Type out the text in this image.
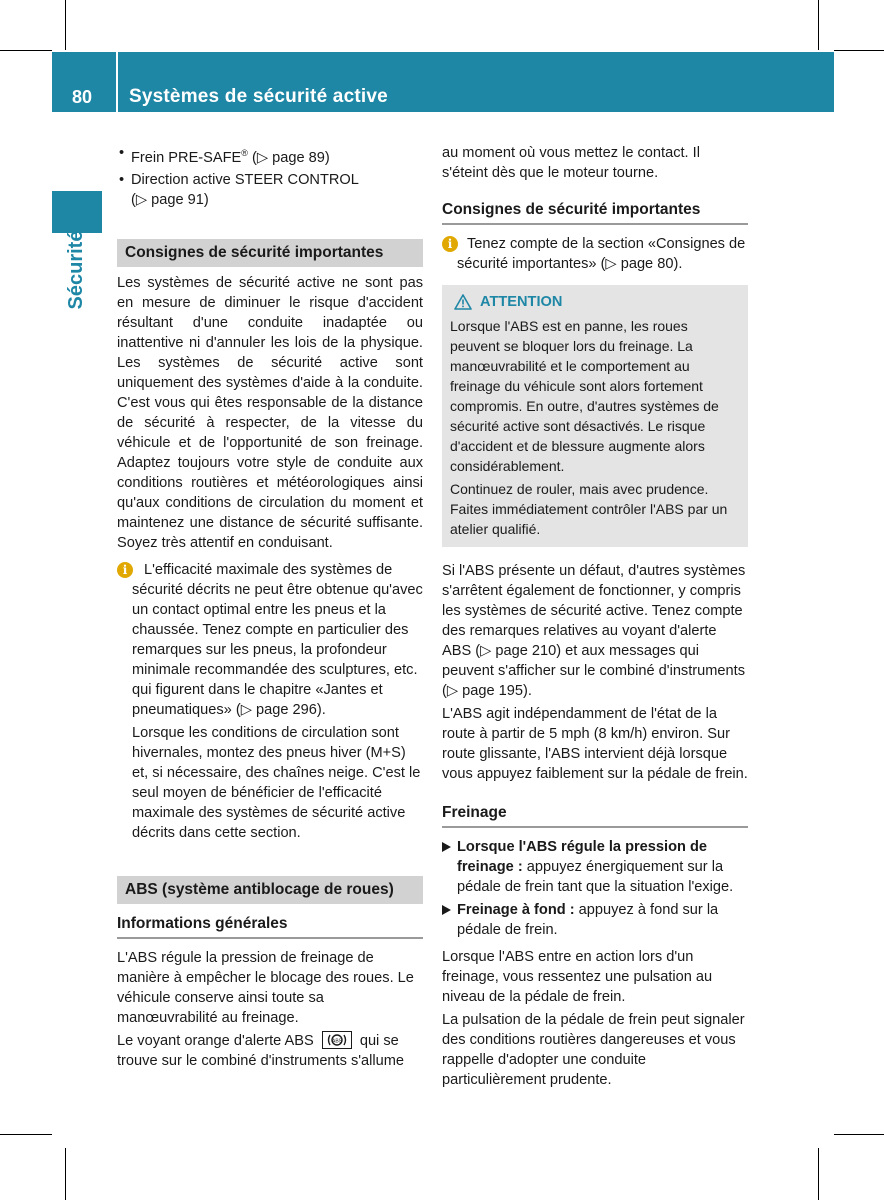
80	Systèmes de sécurité active
Sécurité
• Frein PRE-SAFE® (▷ page 89)
• Direction active STEER CONTROL
(▷ page 91)
Consignes de sécurité importantes

Les systèmes de sécurité active ne sont pas en mesure de diminuer le risque d'accident résultant d'une conduite inadaptée ou inattentive ni d'annuler les lois de la physique. Les systèmes de sécurité active sont uniquement des systèmes d'aide à la conduite. C'est vous qui êtes responsable de la distance de sécurité à respecter, de la vitesse du véhicule et de l'opportunité de son freinage. Adaptez toujours votre style de conduite aux conditions routières et météorologiques ainsi qu'aux conditions de circulation du moment et maintenez une distance de sécurité suffisante. Soyez très attentif en conduisant.

i	L'efficacité maximale des systèmes de sécurité décrits ne peut être obtenue qu'avec un contact optimal entre les pneus et la chaussée. Tenez compte en particulier des remarques sur les pneus, la profondeur minimale recommandée des sculptures, etc. qui figurent dans le chapitre «Jantes et pneumatiques» (▷ page 296).

Lorsque les conditions de circulation sont hivernales, montez des pneus hiver (M+S) et, si nécessaire, des chaînes neige. C'est le seul moyen de bénéficier de l'efficacité maximale des systèmes de sécurité active décrits dans cette section.

ABS (système antiblocage de roues)
Informations générales

L'ABS régule la pression de freinage de manière à empêcher le blocage des roues. Le véhicule conserve ainsi toute sa manœuvrabilité au freinage.

Le voyant orange d'alerte ABS	ABS qui se trouve sur le combiné d'instruments s'allume

au moment où vous mettez le contact. Il s'éteint dès que le moteur tourne.

Consignes de sécurité importantes
i	Tenez compte de la section «Consignes de sécurité importantes» (▷ page 80).

ATTENTION

Lorsque l'ABS est en panne, les roues peuvent se bloquer lors du freinage. La manœuvrabilité et le comportement au freinage du véhicule sont alors fortement compromis. En outre, d'autres systèmes de sécurité active sont désactivés. Le risque d'accident et de blessure augmente alors considérablement.

Continuez de rouler, mais avec prudence. Faites immédiatement contrôler l'ABS par un atelier qualifié.

Si l'ABS présente un défaut, d'autres systèmes s'arrêtent également de fonctionner, y compris les systèmes de sécurité active. Tenez compte des remarques relatives au voyant d'alerte ABS (▷ page 210) et aux messages qui peuvent s'afficher sur le combiné d'instruments (▷ page 195).

L'ABS agit indépendamment de l'état de la route à partir de 5 mph (8 km/h) environ. Sur route glissante, l'ABS intervient déjà lorsque vous appuyez faiblement sur la pédale de frein.

Freinage
Lorsque l'ABS régule la pression de freinage : appuyez énergiquement sur la pédale de frein tant que la situation l'exige.
Freinage à fond : appuyez à fond sur la pédale de frein.

Lorsque l'ABS entre en action lors d'un freinage, vous ressentez une pulsation au niveau de la pédale de frein.

La pulsation de la pédale de frein peut signaler des conditions routières dangereuses et vous rappelle d'adopter une conduite particulièrement prudente.
